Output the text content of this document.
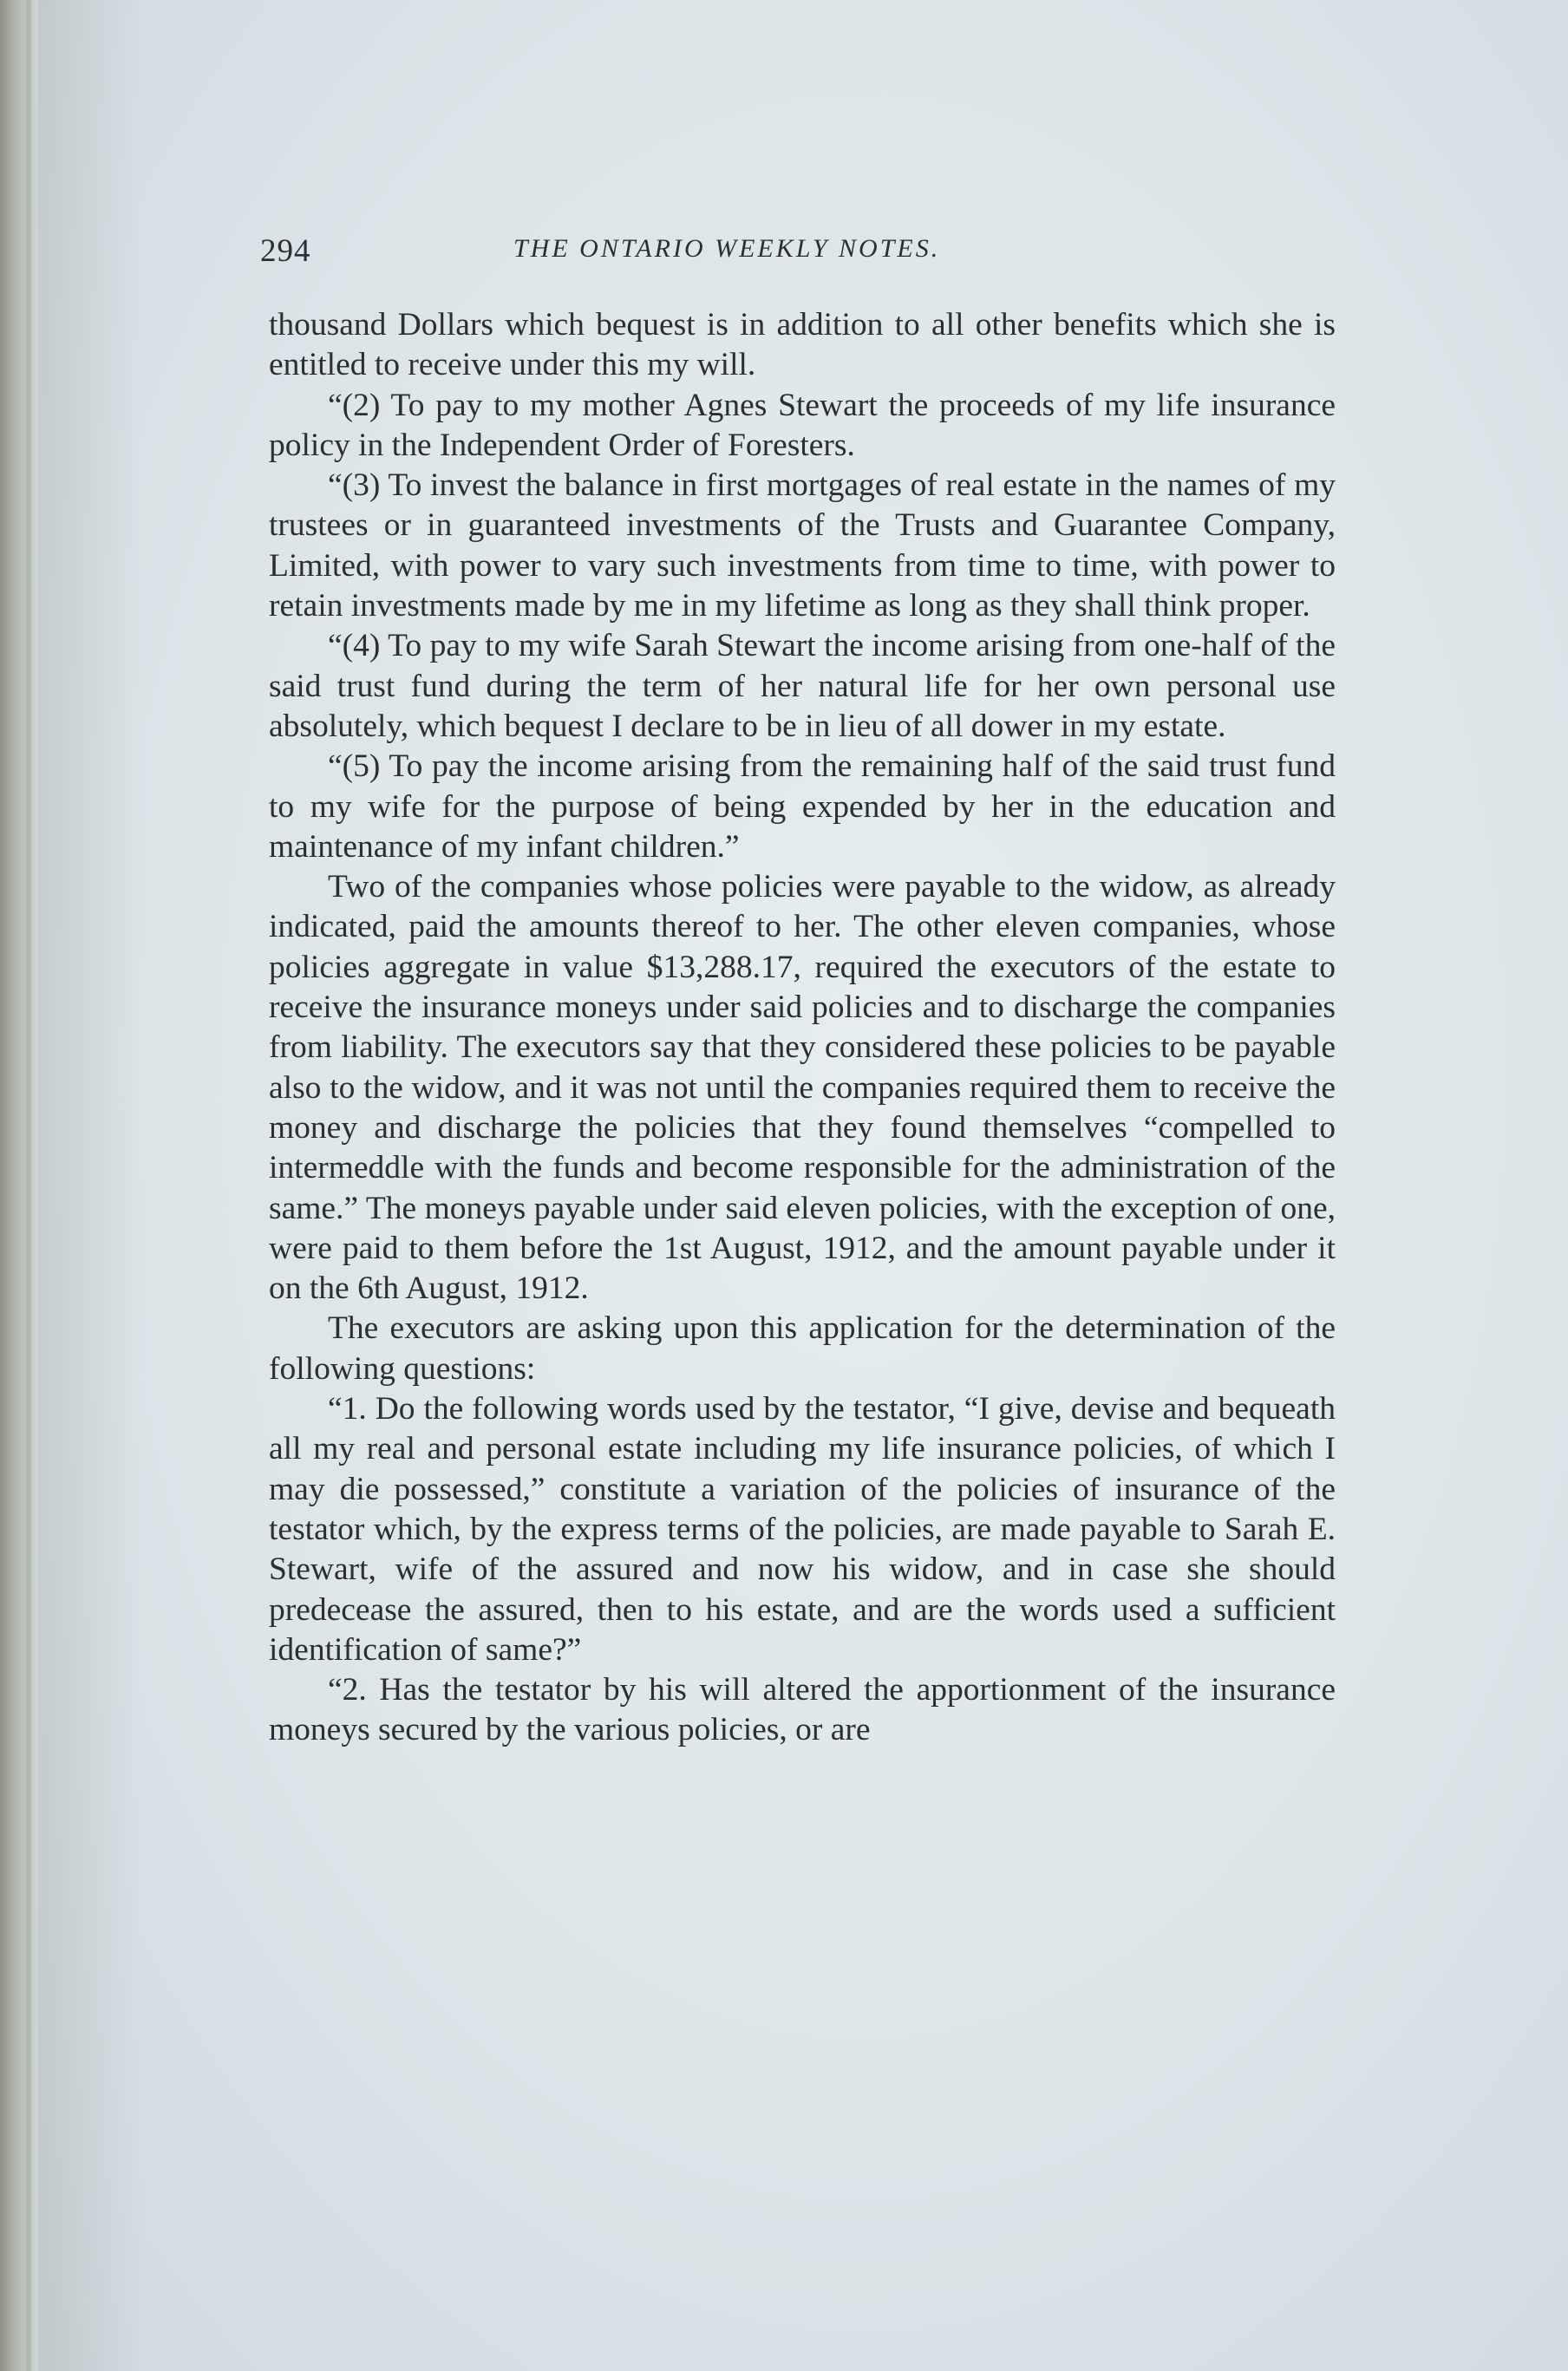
294	THE ONTARIO WEEKLY NOTES.

thousand Dollars which bequest is in addition to all other benefits which she is entitled to receive under this my will.

“(2) To pay to my mother Agnes Stewart the proceeds of my life insurance policy in the Independent Order of Foresters.

“(3) To invest the balance in first mortgages of real estate in the names of my trustees or in guaranteed investments of the Trusts and Guarantee Company, Limited, with power to vary such investments from time to time, with power to retain investments made by me in my lifetime as long as they shall think proper.

“(4) To pay to my wife Sarah Stewart the income arising from one-half of the said trust fund during the term of her natural life for her own personal use absolutely, which bequest I declare to be in lieu of all dower in my estate.

“(5) To pay the income arising from the remaining half of the said trust fund to my wife for the purpose of being expended by her in the education and maintenance of my infant children.”

Two of the companies whose policies were payable to the widow, as already indicated, paid the amounts thereof to her. The other eleven companies, whose policies aggregate in value $13,288.17, required the executors of the estate to receive the insurance moneys under said policies and to discharge the companies from liability. The executors say that they considered these policies to be payable also to the widow, and it was not until the companies required them to receive the money and discharge the policies that they found themselves “compelled to intermeddle with the funds and become responsible for the administration of the same.” The moneys payable under said eleven policies, with the exception of one, were paid to them before the 1st August, 1912, and the amount payable under it on the 6th August, 1912.

The executors are asking upon this application for the determination of the following questions:

“1. Do the following words used by the testator, “I give, devise and bequeath all my real and personal estate including my life insurance policies, of which I may die possessed,” constitute a variation of the policies of insurance of the testator which, by the express terms of the policies, are made payable to Sarah E. Stewart, wife of the assured and now his widow, and in case she should predecease the assured, then to his estate, and are the words used a sufficient identification of same?”

“2. Has the testator by his will altered the apportionment of the insurance moneys secured by the various policies, or are
